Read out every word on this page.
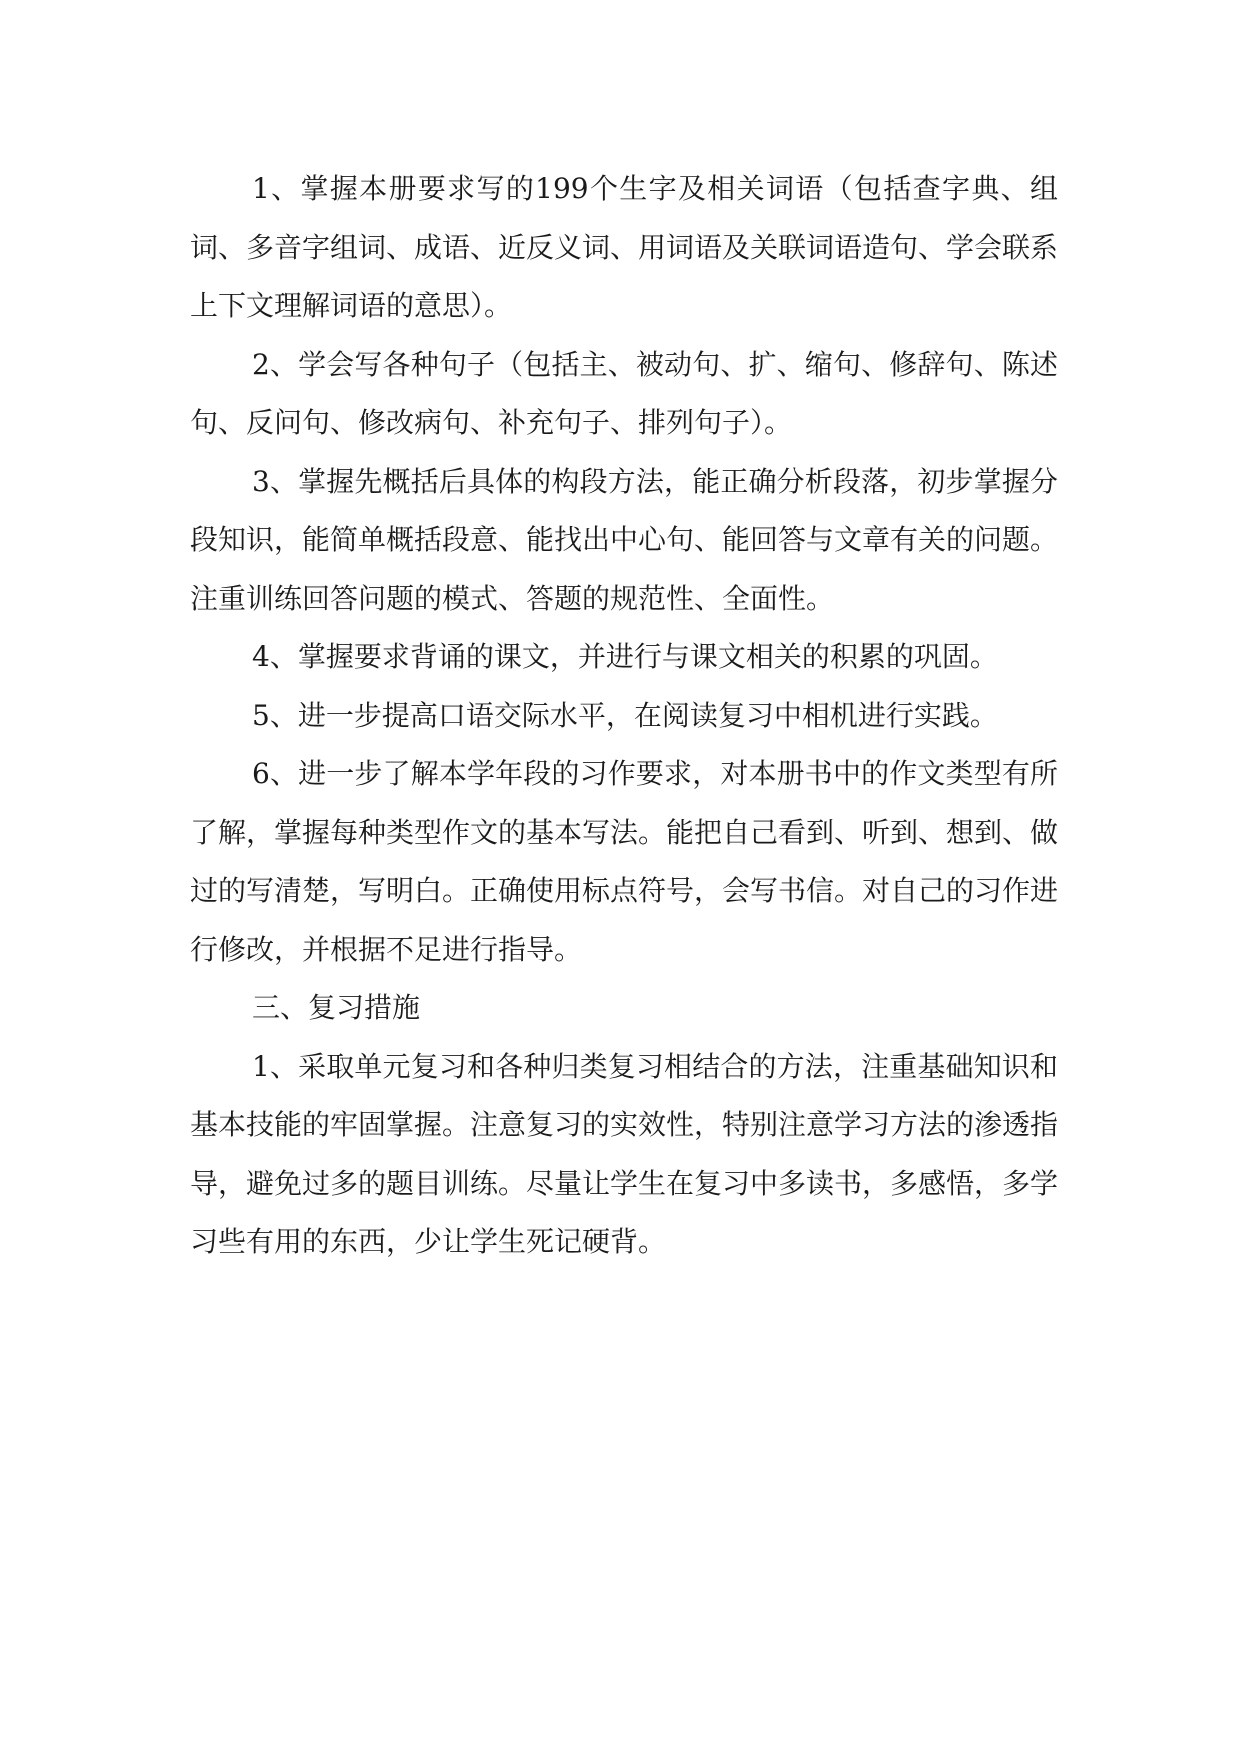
1、掌握本册要求写的199个生字及相关词语（包括查字典、组词、多音字组词、成语、近反义词、用词语及关联词语造句、学会联系上下文理解词语的意思）。

2、学会写各种句子（包括主、被动句、扩、缩句、修辞句、陈述句、反问句、修改病句、补充句子、排列句子）。

3、掌握先概括后具体的构段方法，能正确分析段落，初步掌握分段知识，能简单概括段意、能找出中心句、能回答与文章有关的问题。注重训练回答问题的模式、答题的规范性、全面性。

4、掌握要求背诵的课文，并进行与课文相关的积累的巩固。

5、进一步提高口语交际水平，在阅读复习中相机进行实践。

6、进一步了解本学年段的习作要求，对本册书中的作文类型有所了解，掌握每种类型作文的基本写法。能把自己看到、听到、想到、做过的写清楚，写明白。正确使用标点符号，会写书信。对自己的习作进行修改，并根据不足进行指导。

三、复习措施

1、采取单元复习和各种归类复习相结合的方法，注重基础知识和基本技能的牢固掌握。注意复习的实效性，特别注意学习方法的渗透指导，避免过多的题目训练。尽量让学生在复习中多读书，多感悟，多学习些有用的东西，少让学生死记硬背。
